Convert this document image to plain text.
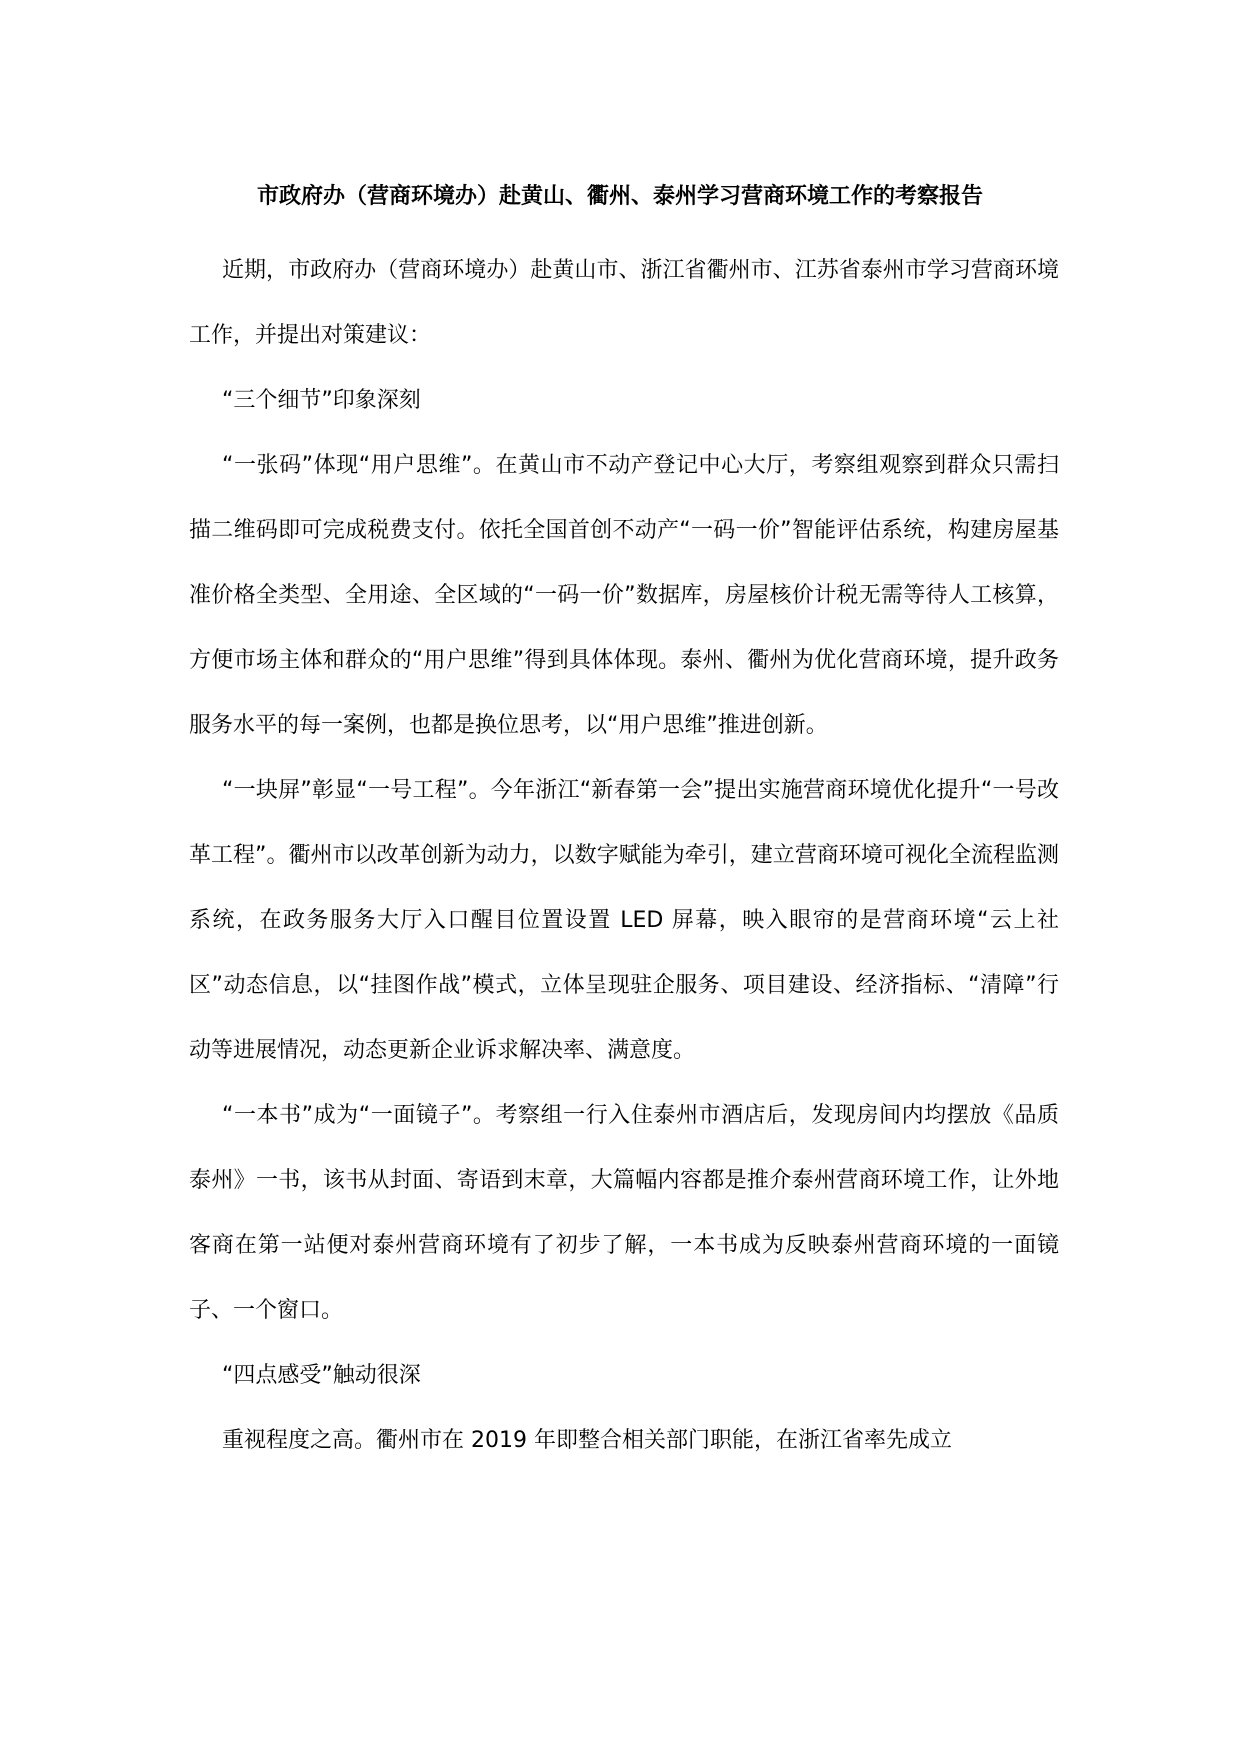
市政府办（营商环境办）赴黄山、衢州、泰州学习营商环境工作的考察报告

近期，市政府办（营商环境办）赴黄山市、浙江省衢州市、江苏省泰州市学习营商环境工作，并提出对策建议：

“三个细节”印象深刻

“一张码”体现“用户思维”。在黄山市不动产登记中心大厅，考察组观察到群众只需扫描二维码即可完成税费支付。依托全国首创不动产“一码一价”智能评估系统，构建房屋基准价格全类型、全用途、全区域的“一码一价”数据库，房屋核价计税无需等待人工核算，方便市场主体和群众的“用户思维”得到具体体现。泰州、衢州为优化营商环境，提升政务服务水平的每一案例，也都是换位思考，以“用户思维”推进创新。

“一块屏”彰显“一号工程”。今年浙江“新春第一会”提出实施营商环境优化提升“一号改革工程”。衢州市以改革创新为动力，以数字赋能为牵引，建立营商环境可视化全流程监测系统，在政务服务大厅入口醒目位置设置 LED 屏幕，映入眼帘的是营商环境“云上社区”动态信息，以“挂图作战”模式，立体呈现驻企服务、项目建设、经济指标、“清障”行动等进展情况，动态更新企业诉求解决率、满意度。

“一本书”成为“一面镜子”。考察组一行入住泰州市酒店后，发现房间内均摆放《品质泰州》一书，该书从封面、寄语到末章，大篇幅内容都是推介泰州营商环境工作，让外地客商在第一站便对泰州营商环境有了初步了解，一本书成为反映泰州营商环境的一面镜子、一个窗口。

“四点感受”触动很深

重视程度之高。衢州市在 2019 年即整合相关部门职能，在浙江省率先成立
